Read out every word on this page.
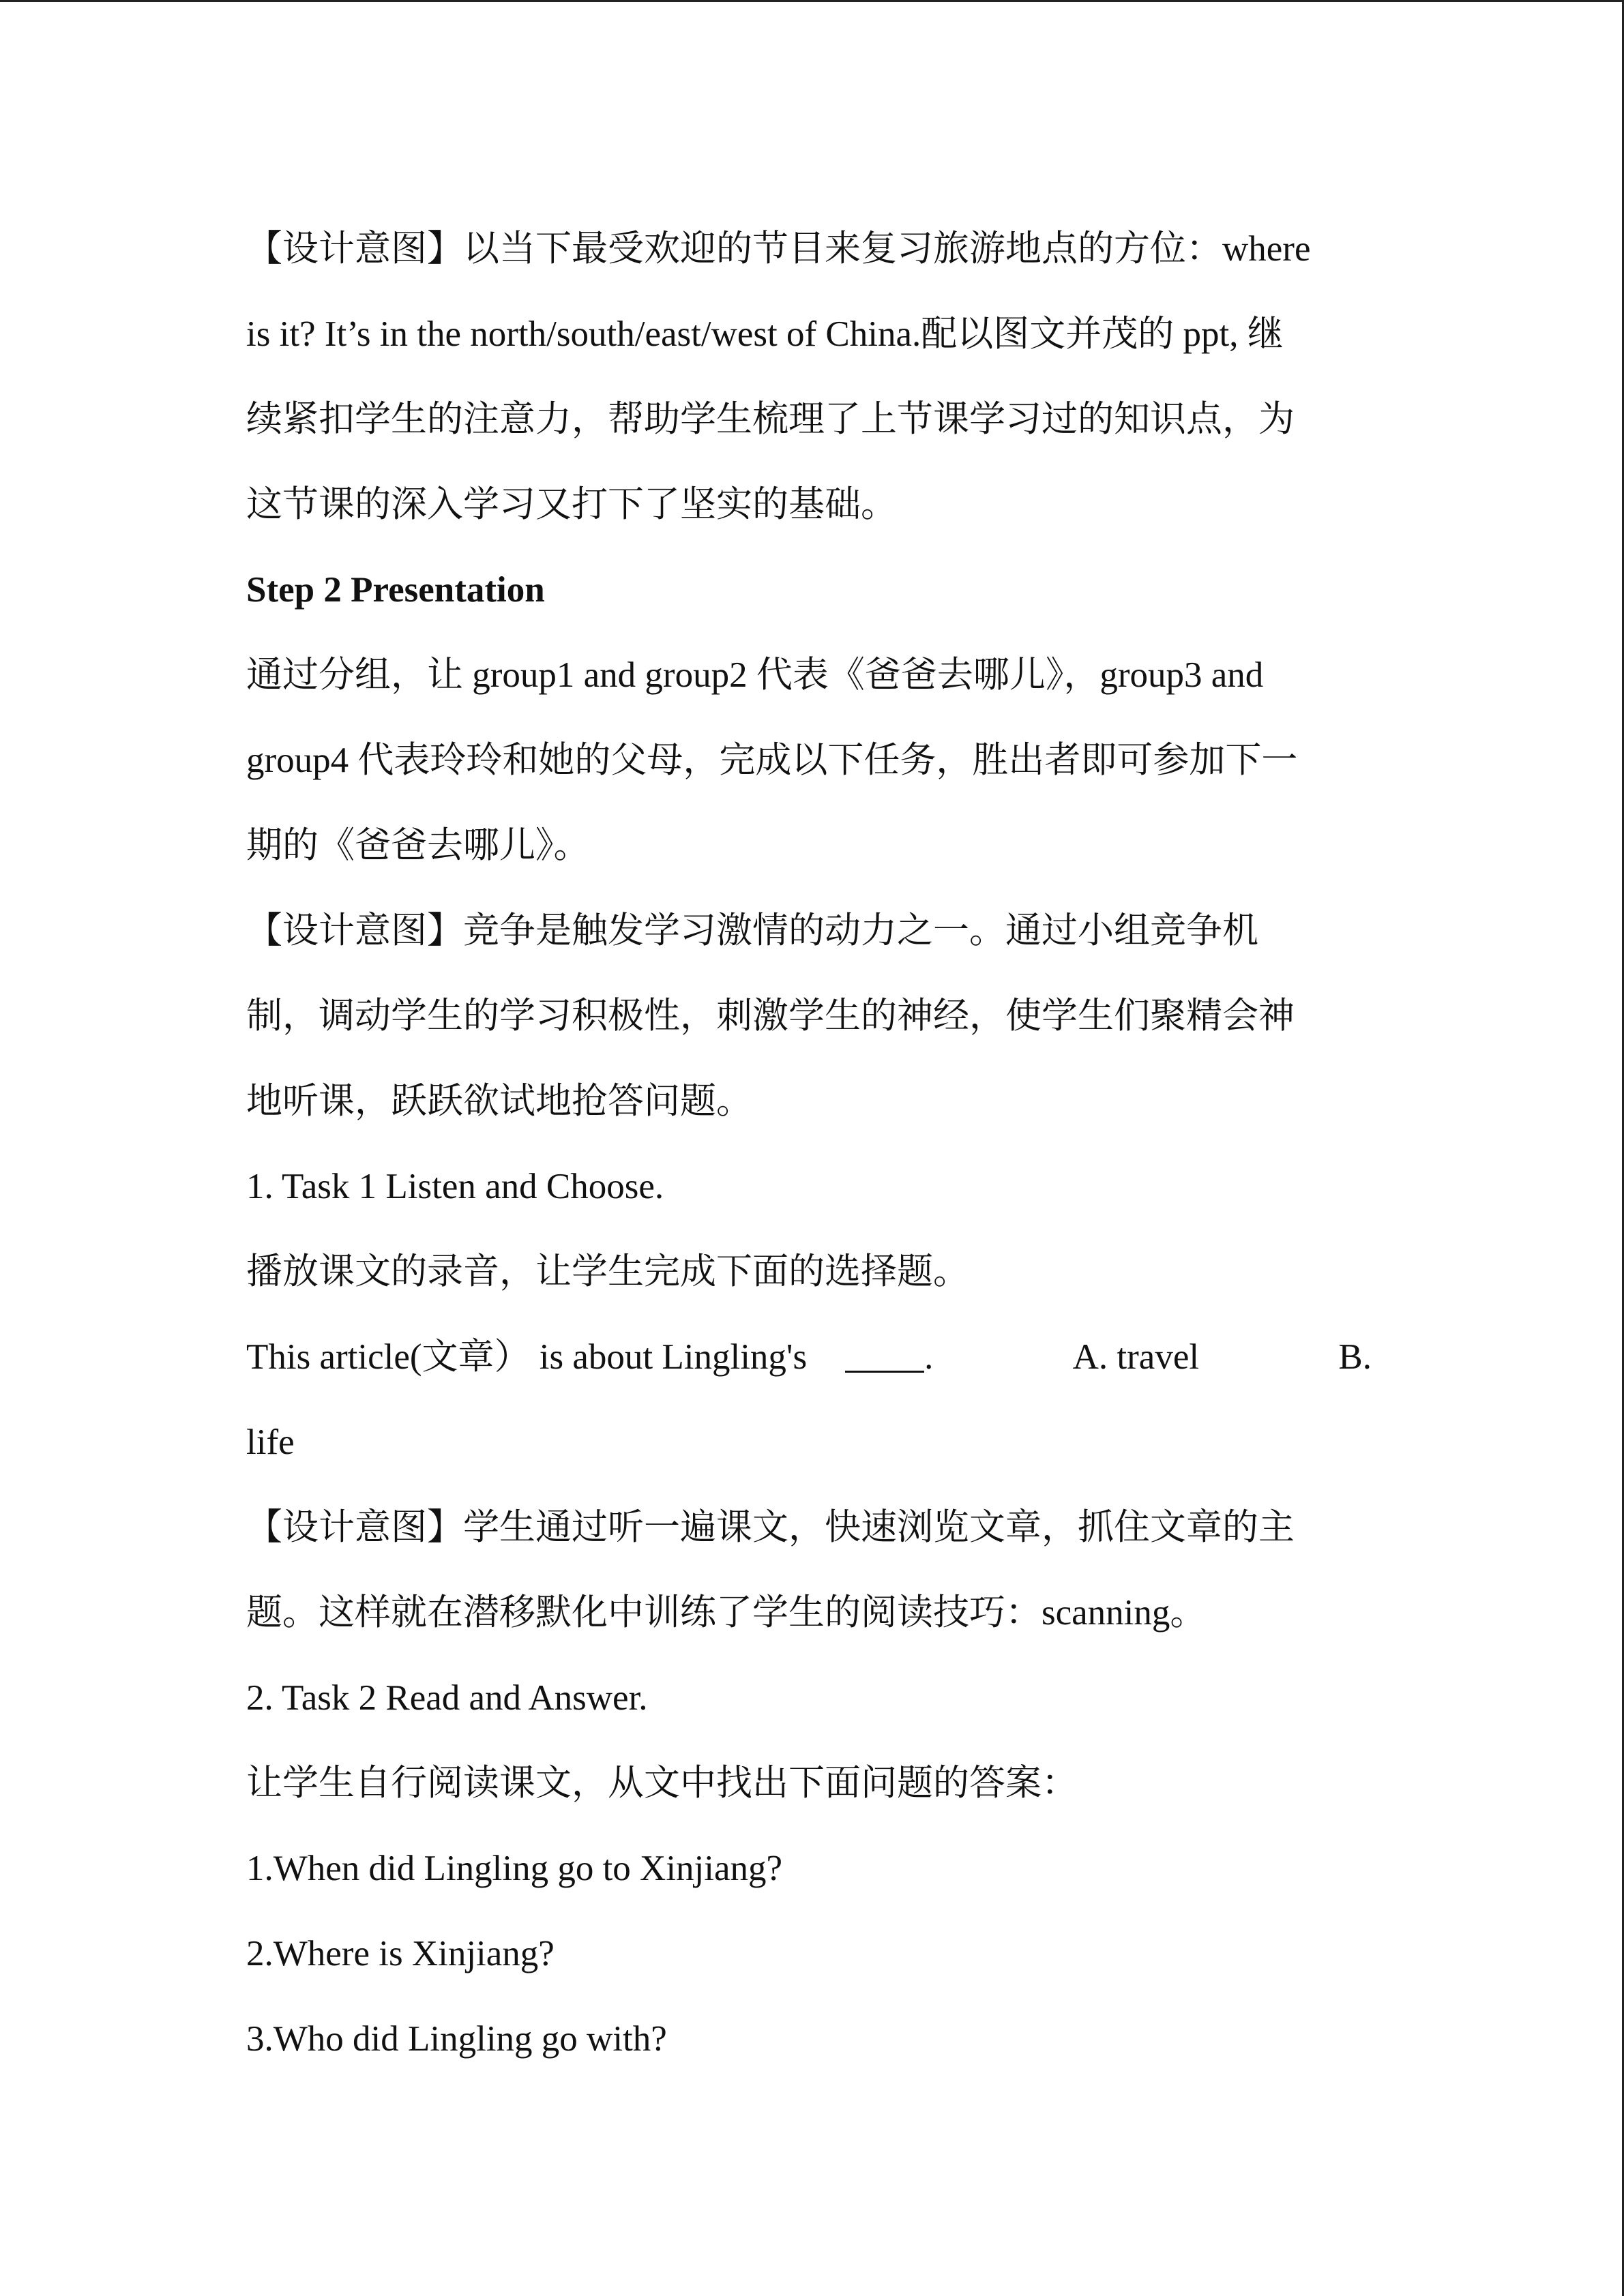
【设计意图】以当下最受欢迎的节目来复习旅游地点的方位：where
is it? It’s in the north/south/east/west of China.配以图文并茂的 ppt, 继
续紧扣学生的注意力，帮助学生梳理了上节课学习过的知识点，为
这节课的深入学习又打下了坚实的基础。
Step 2 Presentation
通过分组，让 group1 and group2 代表《爸爸去哪儿》，group3 and
group4 代表玲玲和她的父母，完成以下任务，胜出者即可参加下一
期的《爸爸去哪儿》。
【设计意图】竞争是触发学习激情的动力之一。通过小组竞争机
制，调动学生的学习积极性，刺激学生的神经，使学生们聚精会神
地听课，跃跃欲试地抢答问题。
1. Task 1 Listen and Choose.
播放课文的录音，让学生完成下面的选择题。
This article(文章） is about Lingling's	.	A. travel	B.
life
【设计意图】学生通过听一遍课文，快速浏览文章，抓住文章的主
题。这样就在潜移默化中训练了学生的阅读技巧：scanning。
2. Task 2 Read and Answer.
让学生自行阅读课文，从文中找出下面问题的答案：
1.When did Lingling go to Xinjiang?
2.Where is Xinjiang?
3.Who did Lingling go with?
